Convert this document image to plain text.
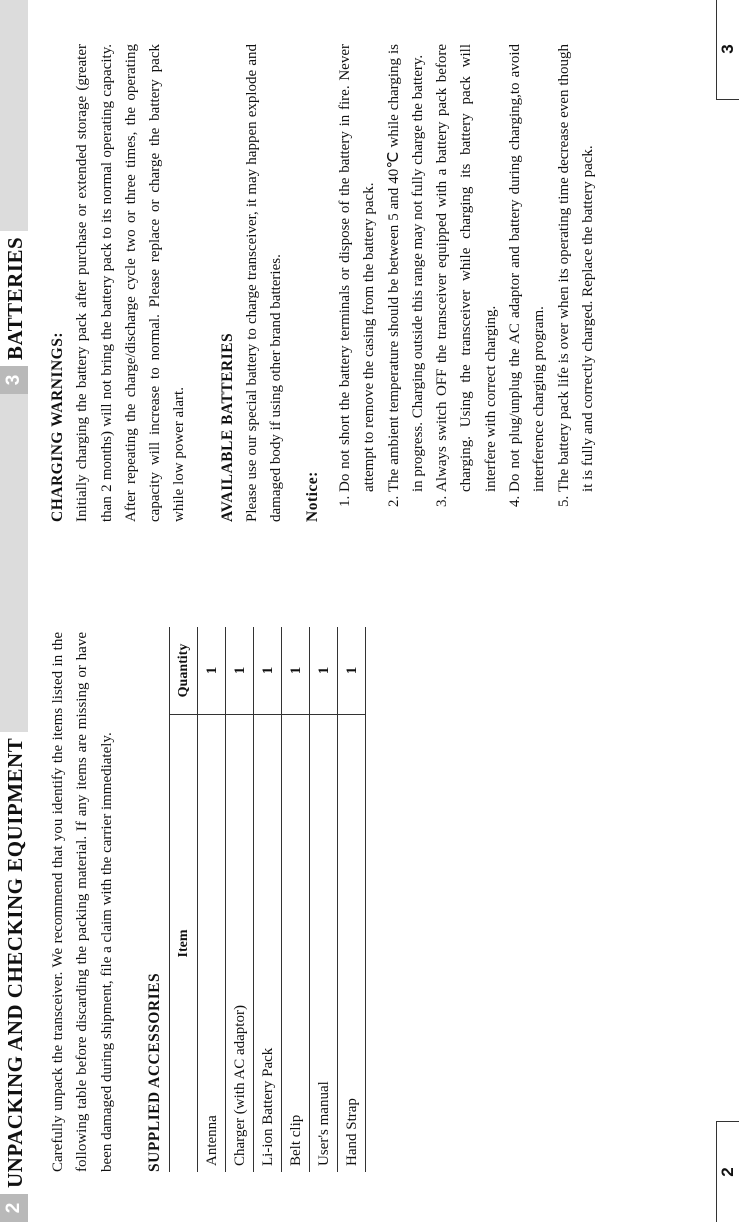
2
UNPACKING AND CHECKING EQUIPMENT Carefully unpack the transceiver. We recommend that you identify the items listed in the following table before discarding the packing material. If any items are missing or have been damaged during shipment, file a claim with the carrier immediately. SUPPLIED ACCESSORIES

Item	Quantity
Antenna	1
Charger (with AC adaptor)	1
Li-ion Battery Pack	1
Belt clip	1
User's manual	1
Hand Strap	1
3
BATTERIES

CHARGING WARNINGS: Initially charging the battery pack after purchase or extended storage (greater than 2 months) will not bring the battery pack to its normal operating capacity. After repeating the charge/discharge cycle two or three times, the operating capacity will increase to normal. Please replace or charge the battery pack while low power alart. AVAILABLE BATTERIES Please use our special battery to charge transceiver, it may happen explode and damaged body if using other brand batteries. Notice:

1. Do not short the battery terminals or dispose of the battery in fire. Never attempt to remove the casing from the battery pack. 2. The ambient temperature should be between 5 and 40℃ while charging is in progress. Charging outside this range may not fully charge the battery. 3. Always switch OFF the transceiver equipped with a battery pack before charging. Using the transceiver while charging its battery pack will interfere with correct charging. 4. Do not plug/unplug the AC adaptor and battery during charging,to avoid interference charging program. 5. The battery pack life is over when its operating time decrease even though it is fully and correctly charged. Replace the battery pack.
2
3
